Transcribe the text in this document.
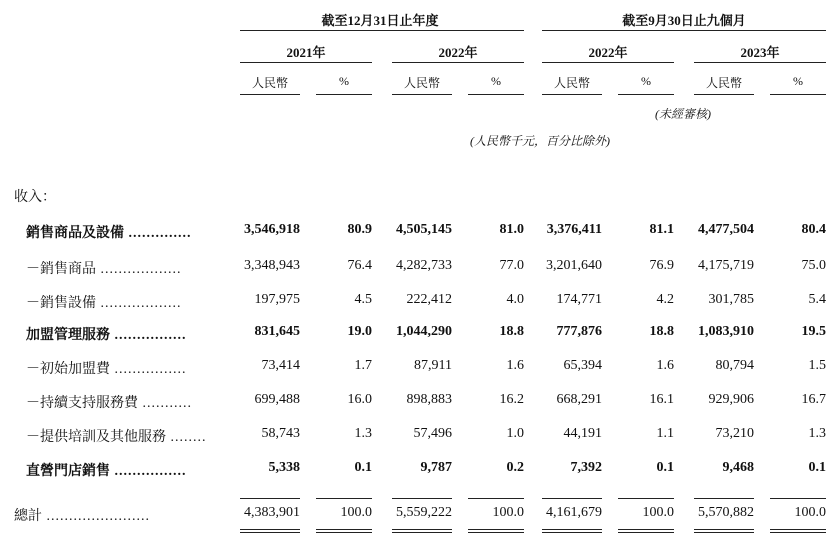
截至12月31日止年度	截至9月30日止九個月
2021年	2022年	2022年	2023年
人民幣	%	人民幣	%	人民幣	%	人民幣	%
(未經審核)
(人民幣千元，百分比除外)
收入：
銷售商品及設備 ..............	3,546,918	80.9	4,505,145	81.0	3,376,411	81.1	4,477,504	80.4
－銷售商品 ..................	3,348,943	76.4	4,282,733	77.0	3,201,640	76.9	4,175,719	75.0
－銷售設備 ..................	197,975	4.5	222,412	4.0	174,771	4.2	301,785	5.4
加盟管理服務 ................	831,645	19.0	1,044,290	18.8	777,876	18.8	1,083,910	19.5
－初始加盟費 ................	73,414	1.7	87,911	1.6	65,394	1.6	80,794	1.5
－持續支持服務費 ...........	699,488	16.0	898,883	16.2	668,291	16.1	929,906	16.7
－提供培訓及其他服務 ........	58,743	1.3	57,496	1.0	44,191	1.1	73,210	1.3
直營門店銷售 ................	5,338	0.1	9,787	0.2	7,392	0.1	9,468	0.1
總計 .......................	4,383,901	100.0	5,559,222	100.0	4,161,679	100.0	5,570,882	100.0
